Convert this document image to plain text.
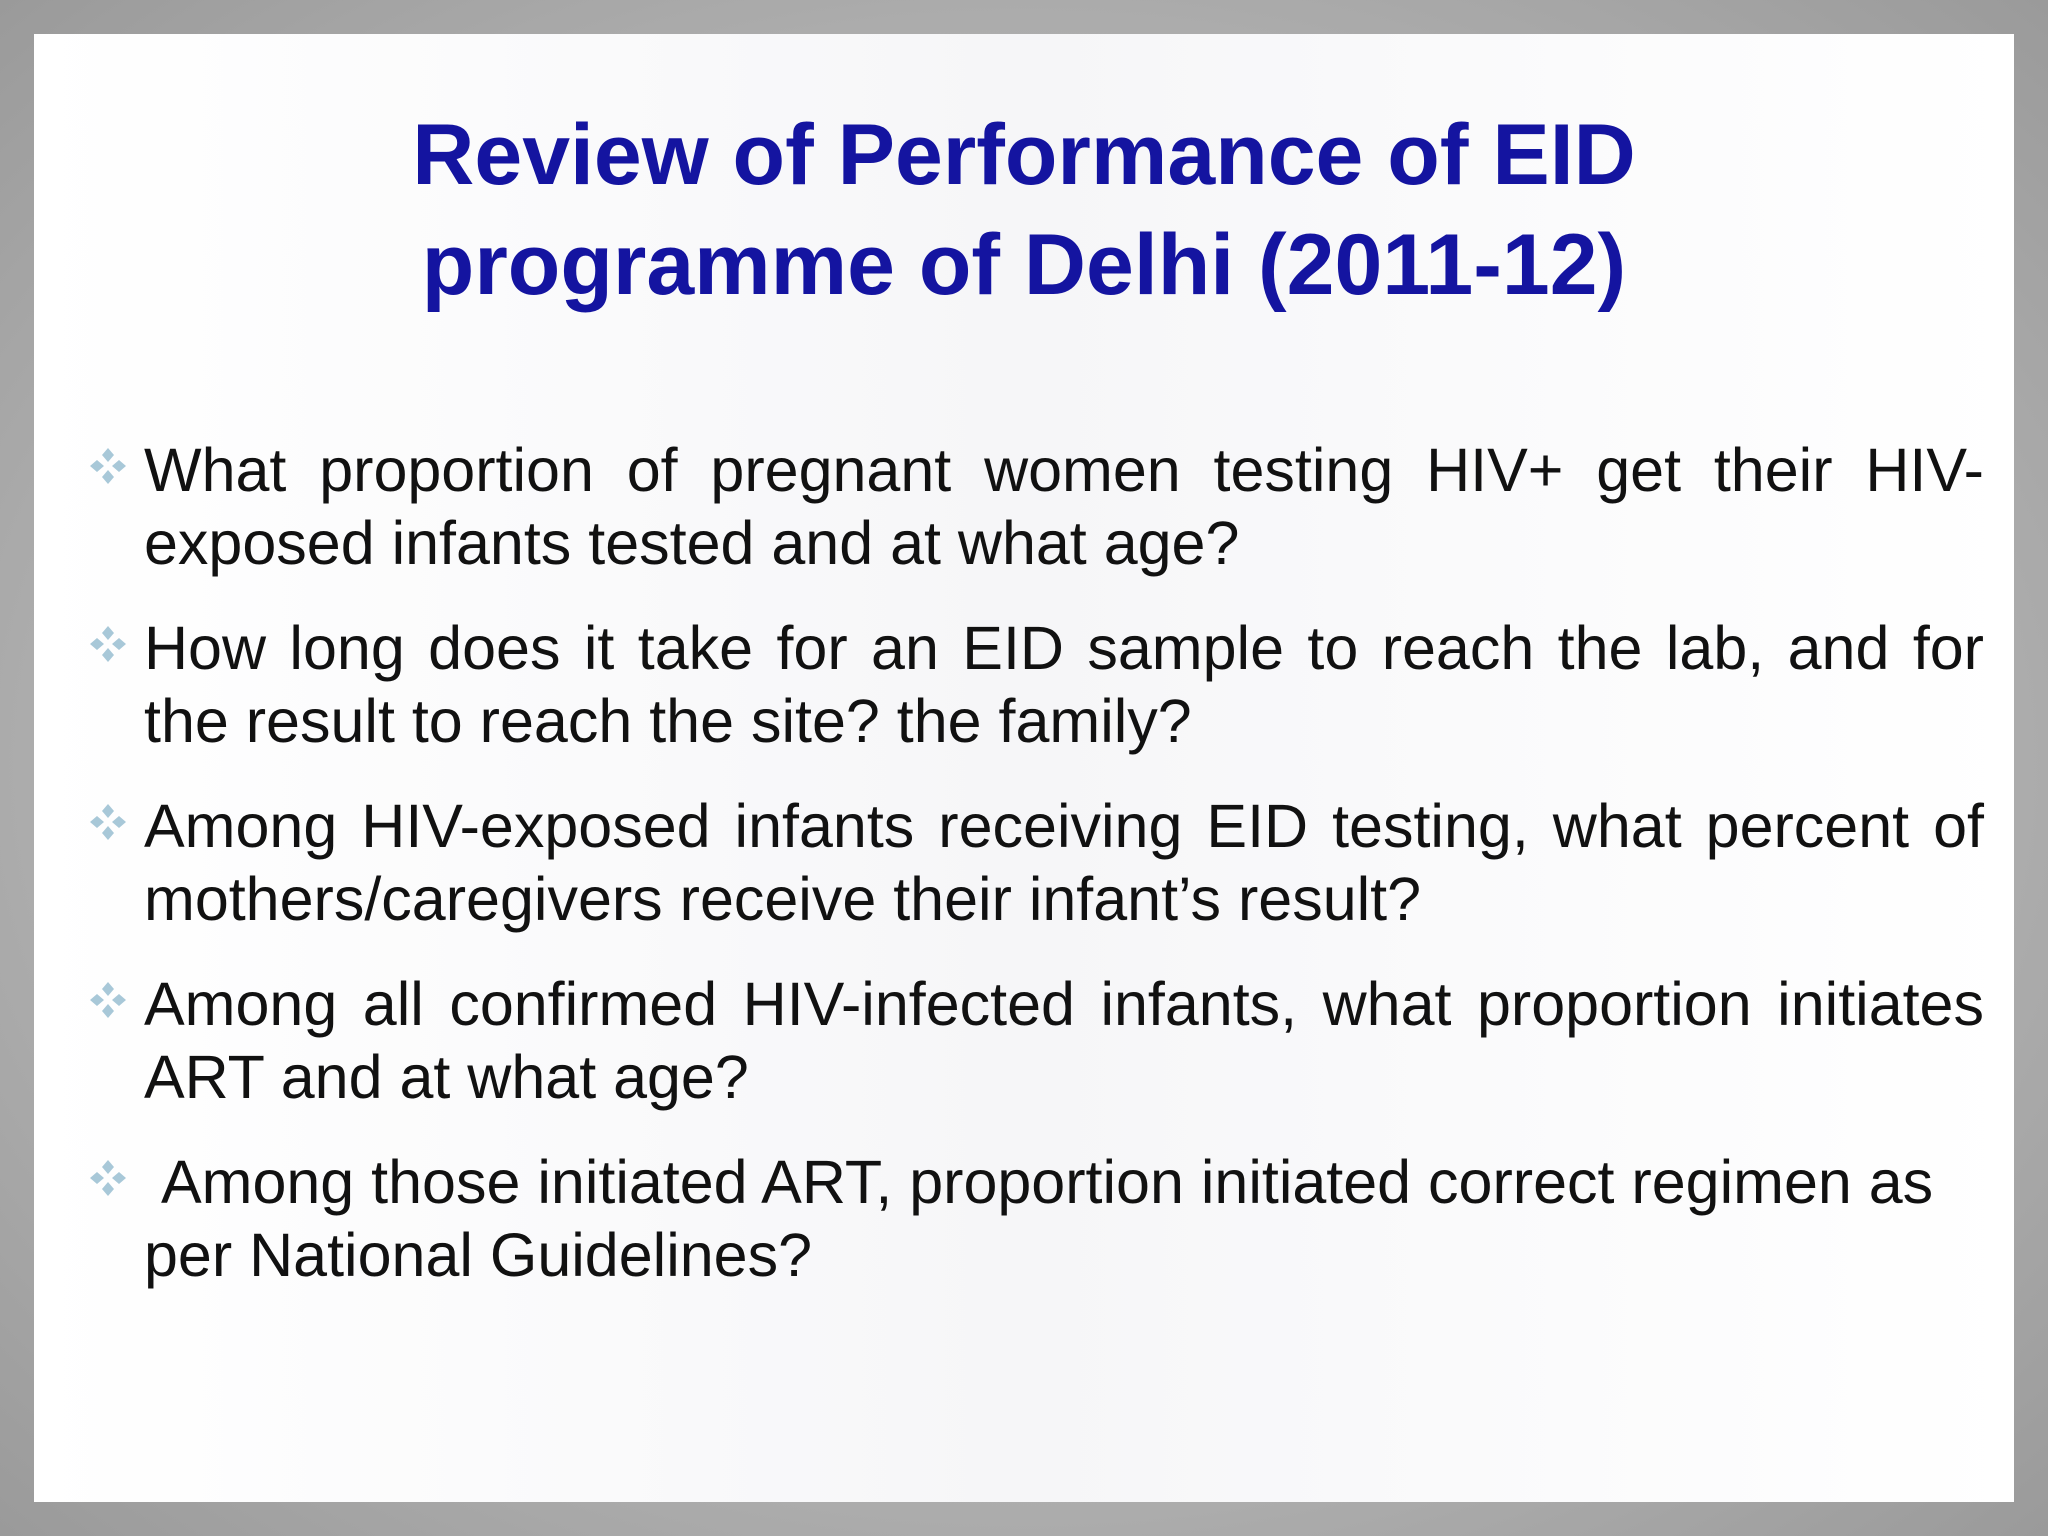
Review of Performance of EID
programme of Delhi (2011-12)
What proportion of pregnant women testing HIV+ get their HIV-exposed infants tested and at what age?
How long does it take for an EID sample to reach the lab, and for the result to reach the site? the family?
Among HIV-exposed infants receiving EID testing, what percent of mothers/caregivers receive their infant’s result?
Among all confirmed HIV-infected infants, what proportion initiates ART and at what age?
Among those initiated ART, proportion initiated correct regimen as per National Guidelines?
